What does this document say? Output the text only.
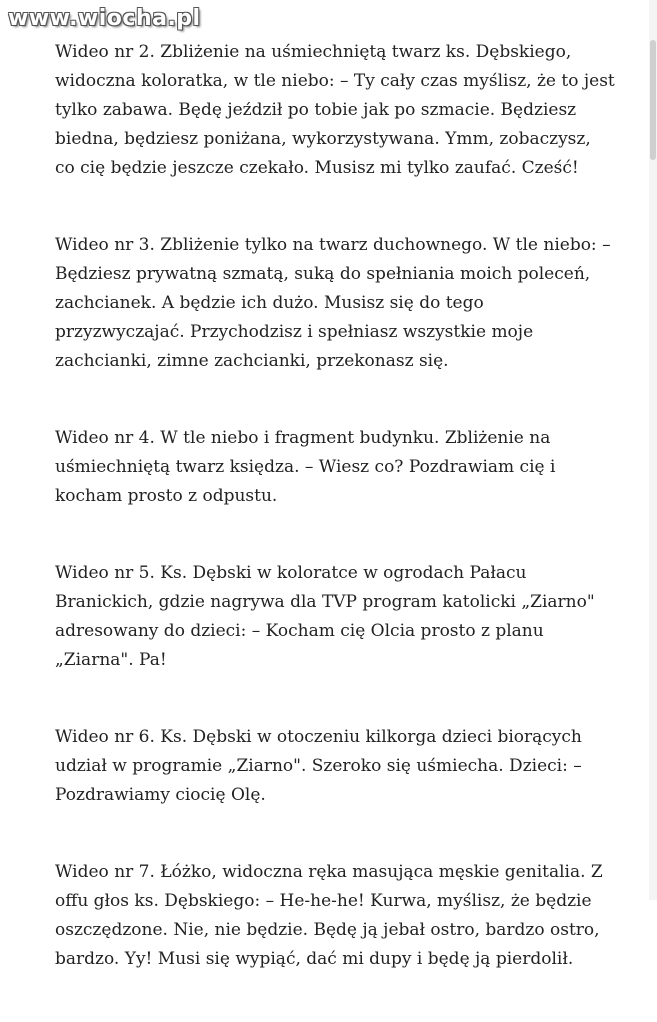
www.wiocha.pl

Wideo nr 2. Zbliżenie na uśmiechniętą twarz ks. Dębskiego, widoczna koloratka, w tle niebo: – Ty cały czas myślisz, że to jest tylko zabawa. Będę jeździł po tobie jak po szmacie. Będziesz biedna, będziesz poniżana, wykorzystywana. Ymm, zobaczysz, co cię będzie jeszcze czekało. Musisz mi tylko zaufać. Cześć!

Wideo nr 3. Zbliżenie tylko na twarz duchownego. W tle niebo: – Będziesz prywatną szmatą, suką do spełniania moich poleceń, zachcianek. A będzie ich dużo. Musisz się do tego przyzwyczajać. Przychodzisz i spełniasz wszystkie moje zachcianki, zimne zachcianki, przekonasz się.

Wideo nr 4. W tle niebo i fragment budynku. Zbliżenie na uśmiechniętą twarz księdza. – Wiesz co? Pozdrawiam cię i kocham prosto z odpustu.

Wideo nr 5. Ks. Dębski w koloratce w ogrodach Pałacu Branickich, gdzie nagrywa dla TVP program katolicki „Ziarno" adresowany do dzieci: – Kocham cię Olcia prosto z planu „Ziarna". Pa!

Wideo nr 6. Ks. Dębski w otoczeniu kilkorga dzieci biorących udział w programie „Ziarno". Szeroko się uśmiecha. Dzieci: – Pozdrawiamy ciocię Olę.

Wideo nr 7. Łóżko, widoczna ręka masująca męskie genitalia. Z offu głos ks. Dębskiego: – He-he-he! Kurwa, myślisz, że będzie oszczędzone. Nie, nie będzie. Będę ją jebał ostro, bardzo ostro, bardzo. Yy! Musi się wypiąć, dać mi dupy i będę ją pierdolił.
